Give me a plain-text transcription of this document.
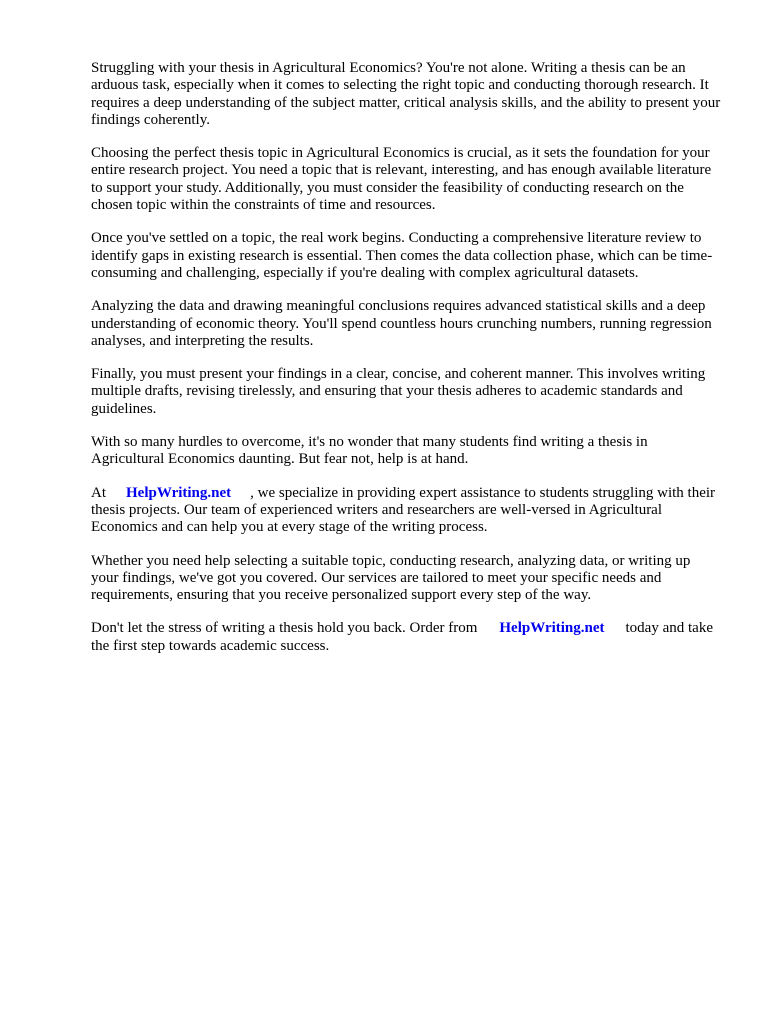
Struggling with your thesis in Agricultural Economics? You're not alone. Writing a thesis can be an arduous task, especially when it comes to selecting the right topic and conducting thorough research. It requires a deep understanding of the subject matter, critical analysis skills, and the ability to present your findings coherently.

Choosing the perfect thesis topic in Agricultural Economics is crucial, as it sets the foundation for your entire research project. You need a topic that is relevant, interesting, and has enough available literature to support your study. Additionally, you must consider the feasibility of conducting research on the chosen topic within the constraints of time and resources.

Once you've settled on a topic, the real work begins. Conducting a comprehensive literature review to identify gaps in existing research is essential. Then comes the data collection phase, which can be time-consuming and challenging, especially if you're dealing with complex agricultural datasets.

Analyzing the data and drawing meaningful conclusions requires advanced statistical skills and a deep understanding of economic theory. You'll spend countless hours crunching numbers, running regression analyses, and interpreting the results.

Finally, you must present your findings in a clear, concise, and coherent manner. This involves writing multiple drafts, revising tirelessly, and ensuring that your thesis adheres to academic standards and guidelines.

With so many hurdles to overcome, it's no wonder that many students find writing a thesis in Agricultural Economics daunting. But fear not, help is at hand.

At HelpWriting.net , we specialize in providing expert assistance to students struggling with their thesis projects. Our team of experienced writers and researchers are well-versed in Agricultural Economics and can help you at every stage of the writing process.

Whether you need help selecting a suitable topic, conducting research, analyzing data, or writing up your findings, we've got you covered. Our services are tailored to meet your specific needs and requirements, ensuring that you receive personalized support every step of the way.

Don't let the stress of writing a thesis hold you back. Order from HelpWriting.net today and take the first step towards academic success.
